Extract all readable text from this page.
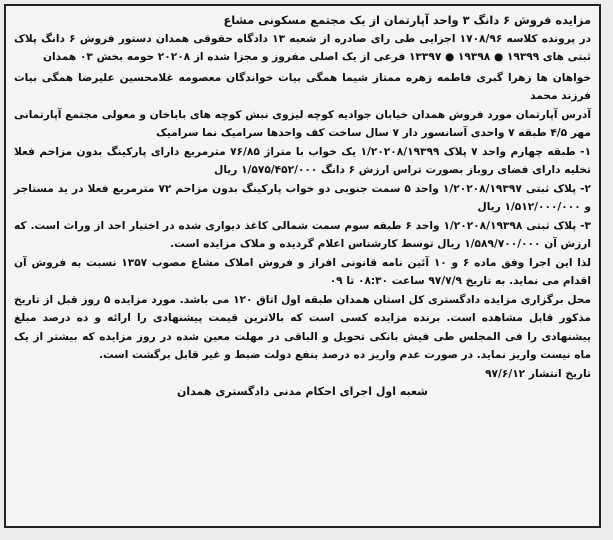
مزایده فروش ۶ دانگ ۳ واحد آپارتمان از یک مجتمع مسکونی مشاع

در پرونده کلاسه ۱۷۰۸/۹۶ اجرایی طی رای صادره از شعبه ۱۳ دادگاه حقوقی همدان دستور فروش ۶ دانگ پلاک ثبتی های ۱۹۳۹۹ ● ۱۹۳۹۸ ● ۱۳۳۹۷ فرعی از یک اصلی مفروز و مجزا شده از ۲۰۲۰۸ حومه بخش ۰۳ همدان

خواهان ها زهرا گبری فاطمه زهره ممتاز شیما همگی بیات خواندگان معصومه غلامحسین علیرضا همگی بیات فرزند محمد

آدرس آپارتمان مورد فروش همدان خیابان جوادیه کوچه لیزوی نبش کوچه های باباخان و معولی مجتمع آپارتمانی مهر ۴/۵ طبقه ۷ واحدی آسانسور دار ۷ سال ساخت کف واحدها سرامیک نما سرامیک

۱- طبقه چهارم واحد ۷ پلاک ۱/۲۰۲۰۸/۱۹۳۹۹ یک خواب با متراژ ۷۶/۸۵ مترمربع دارای پارکینگ بدون مزاحم فعلا تخلیه دارای فضای روباز بصورت تراس ارزش ۶ دانگ ۱/۵۷۵/۴۵۲/۰۰۰ ریال

۲- پلاک ثبتی ۱/۲۰۲۰۸/۱۹۳۹۷ واحد ۵ سمت جنوبی دو خواب پارکینگ بدون مزاحم ۷۲ مترمربع فعلا در ید مستاجر و ۱/۵۱۲/۰۰۰/۰۰۰ ریال

۳- پلاک ثبتی ۱/۲۰۲۰۸/۱۹۳۹۸ واحد ۶ طبقه سوم سمت شمالی کاغذ دیواری شده در اختیار احد از وراث است. که ارزش آن ۱/۵۸۹/۷۰۰/۰۰۰ ریال توسط کارشناس اعلام گردیده و ملاک مزایده است.

لذا این اجرا وفق ماده ۶ و ۱۰ آئین نامه قانونی افراز و فروش املاک مشاع مصوب ۱۳۵۷ نسبت به فروش آن اقدام می نماید. به تاریخ ۹۷/۷/۹ ساعت ۰۸:۳۰ تا ۰۹

محل برگزاری مزایده دادگستری کل استان همدان طبقه اول اتاق ۱۲۰ می باشد. مورد مزایده ۵ روز قبل از تاریخ مذکور قابل مشاهده است. برنده مزایده کسی است که بالاترین قیمت پیشنهادی را ارائه و ده درصد مبلغ پیشنهادی را فی المجلس طی فیش بانکی تحویل و الباقی در مهلت معین شده در روز مزایده که بیشتر از یک ماه نیست واریز نماید. در صورت عدم واریز ده درصد بنفع دولت ضبط و غیر قابل برگشت است.

تاریخ انتشار ۹۷/۶/۱۲

شعبه اول اجرای احکام مدنی دادگستری همدان
